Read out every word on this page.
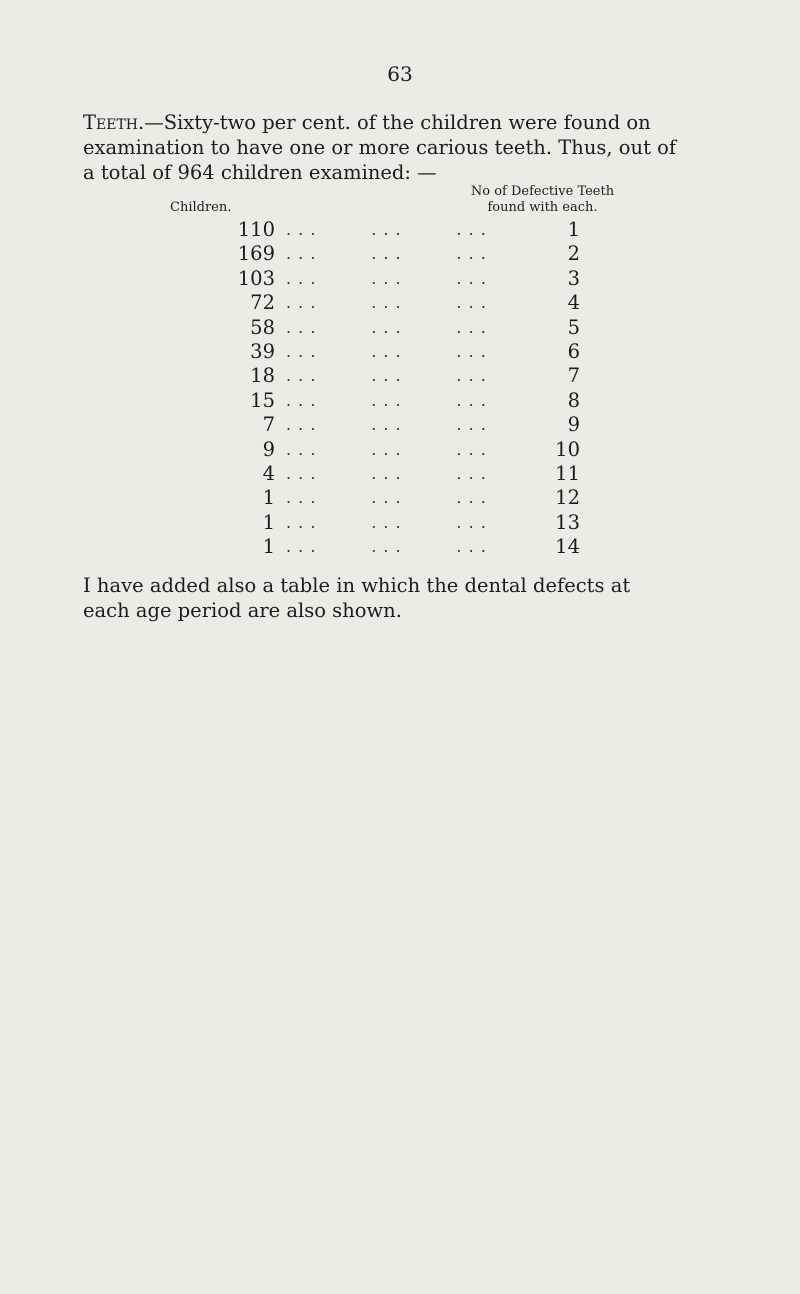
63
Teeth.—Sixty-two per cent. of the children were found on
examination to have one or more carious teeth. Thus, out of
a total of 964 children examined: —
Children.
No of Defective Teeth
found with each.
110 . . .         . . .         . . .	1
169 . . .         . . .         . . .	2
103 . . .         . . .         . . .	3
72 . . .         . . .         . . .	4
58 . . .         . . .         . . .	5
39 . . .         . . .         . . .	6
18 . . .         . . .         . . .	7
15 . . .         . . .         . . .	8
7 . . .         . . .         . . .	9
9 . . .         . . .         . . .	10
4 . . .         . . .         . . .	11
1 . . .         . . .         . . .	12
1 . . .         . . .         . . .	13
1 . . .         . . .         . . .	14
I have added also a table in which the dental defects at
each age period are also shown.
